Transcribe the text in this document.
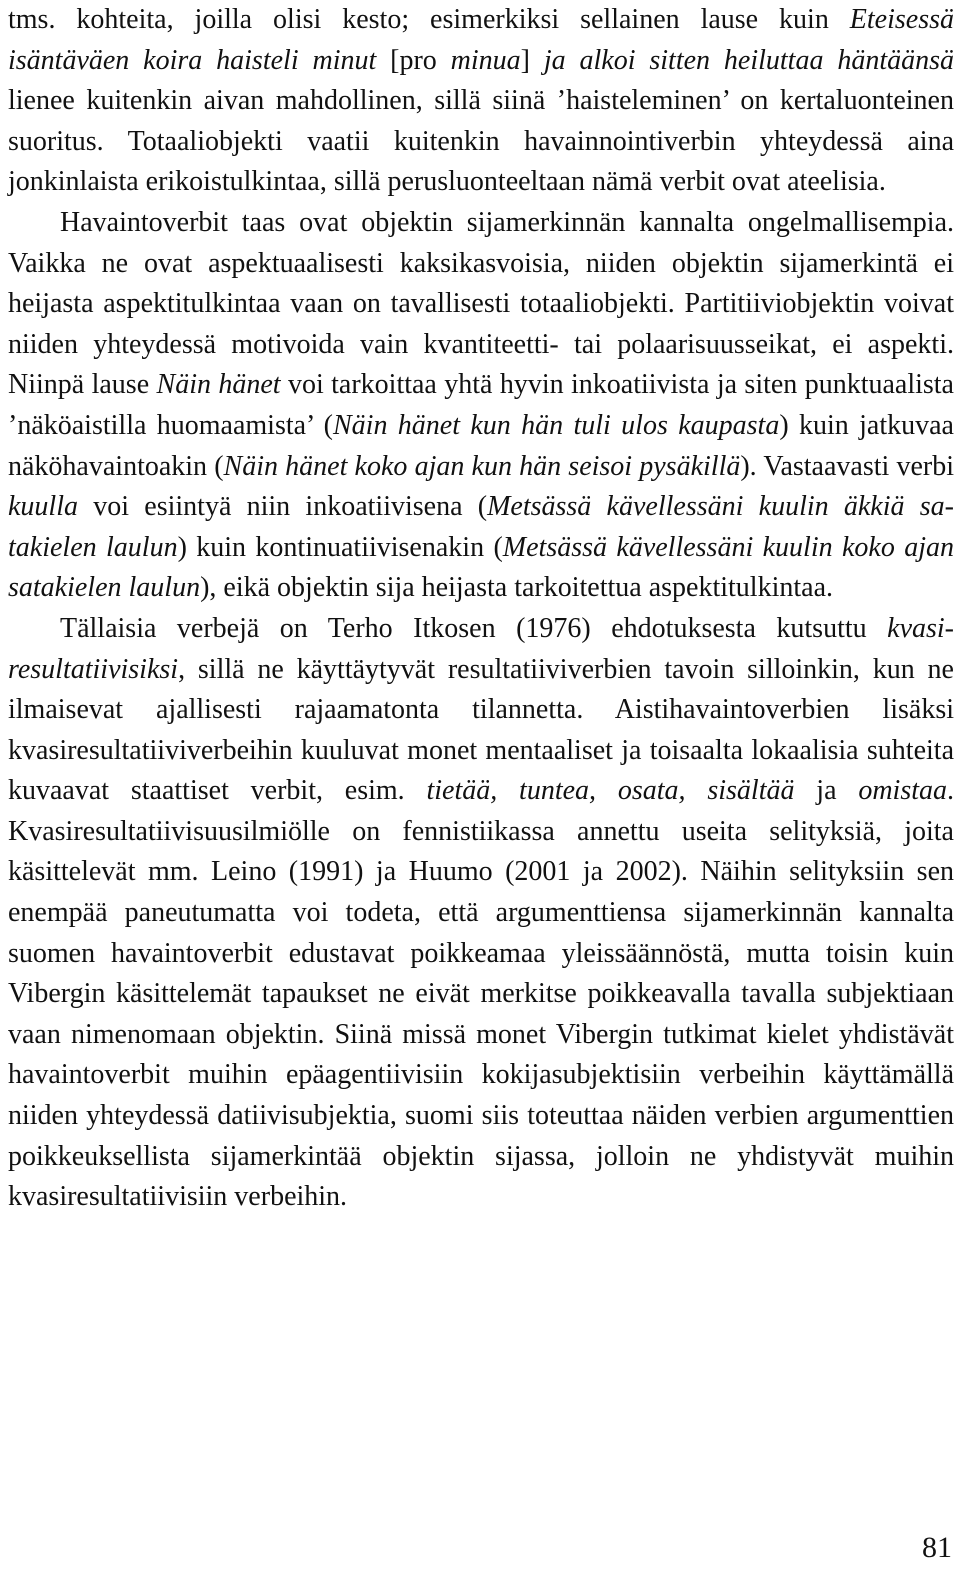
tms. kohteita, joilla olisi kesto; esimerkiksi sellainen lause kuin Eteisessä isäntäväen koira haisteli minut [pro minua] ja alkoi sitten heiluttaa häntäänsä lienee kuitenkin aivan mahdollinen, sillä siinä ’haisteleminen’ on kertaluonteinen suoritus. Totaaliobjekti vaatii kuitenkin havainnointiverbin yhteydessä aina jonkinlaista erikoistulkintaa, sillä perusluonteeltaan nämä verbit ovat ateelisia.

Havaintoverbit taas ovat objektin sijamerkinnän kannalta ongelmallisempia. Vaikka ne ovat aspektuaalisesti kaksikasvoisia, niiden objektin sijamerkintä ei heijasta aspektitulkintaa vaan on tavallisesti totaaliobjekti. Partitiiviobjektin voivat niiden yhteydessä motivoida vain kvantiteetti- tai polaarisuusseikat, ei aspekti. Niinpä lause Näin hänet voi tarkoittaa yhtä hyvin inkoatiivista ja siten punktuaalista ’näköaistilla huomaamista’ (Näin hänet kun hän tuli ulos kaupasta) kuin jatkuvaa näköhavaintoakin (Näin hänet koko ajan kun hän seisoi pysäkillä). Vastaavasti verbi kuulla voi esiintyä niin inkoatiivisena (Metsässä kävellessäni kuulin äkkiä satakielen laulun) kuin kontinuatiivisenakin (Metsässä kävellessäni kuulin koko ajan satakielen laulun), eikä objektin sija heijasta tarkoitettua aspektitulkintaa.

Tällaisia verbejä on Terho Itkosen (1976) ehdotuksesta kutsuttu kvasiresultatiivisiksi, sillä ne käyttäytyvät resultatiiviverbien tavoin silloinkin, kun ne ilmaisevat ajallisesti rajaamatonta tilannetta. Aistihavaintoverbien lisäksi kvasiresultatiiviverbeihin kuuluvat monet mentaaliset ja toisaalta lokaalisia suhteita kuvaavat staattiset verbit, esim. tietää, tuntea, osata, sisältää ja omistaa. Kvasiresultatiivisuusilmiölle on fennistiikassa annettu useita selityksiä, joita käsittelevät mm. Leino (1991) ja Huumo (2001 ja 2002). Näihin selityksiin sen enempää paneutumatta voi todeta, että argumenttiensa sijamerkinnän kannalta suomen havaintoverbit edustavat poikkeamaa yleissäännöstä, mutta toisin kuin Vibergin käsittelemät tapaukset ne eivät merkitse poikkeavalla tavalla subjektiaan vaan nimenomaan objektin. Siinä missä monet Vibergin tutkimat kielet yhdistävät havaintoverbit muihin epäagentiivisiin kokijasubjektisiin verbeihin käyttämällä niiden yhteydessä datiivisubjektia, suomi siis toteuttaa näiden verbien argumenttien poikkeuksellista sijamerkintää objektin sijassa, jolloin ne yhdistyvät muihin kvasiresultatiivisiin verbeihin.

81
